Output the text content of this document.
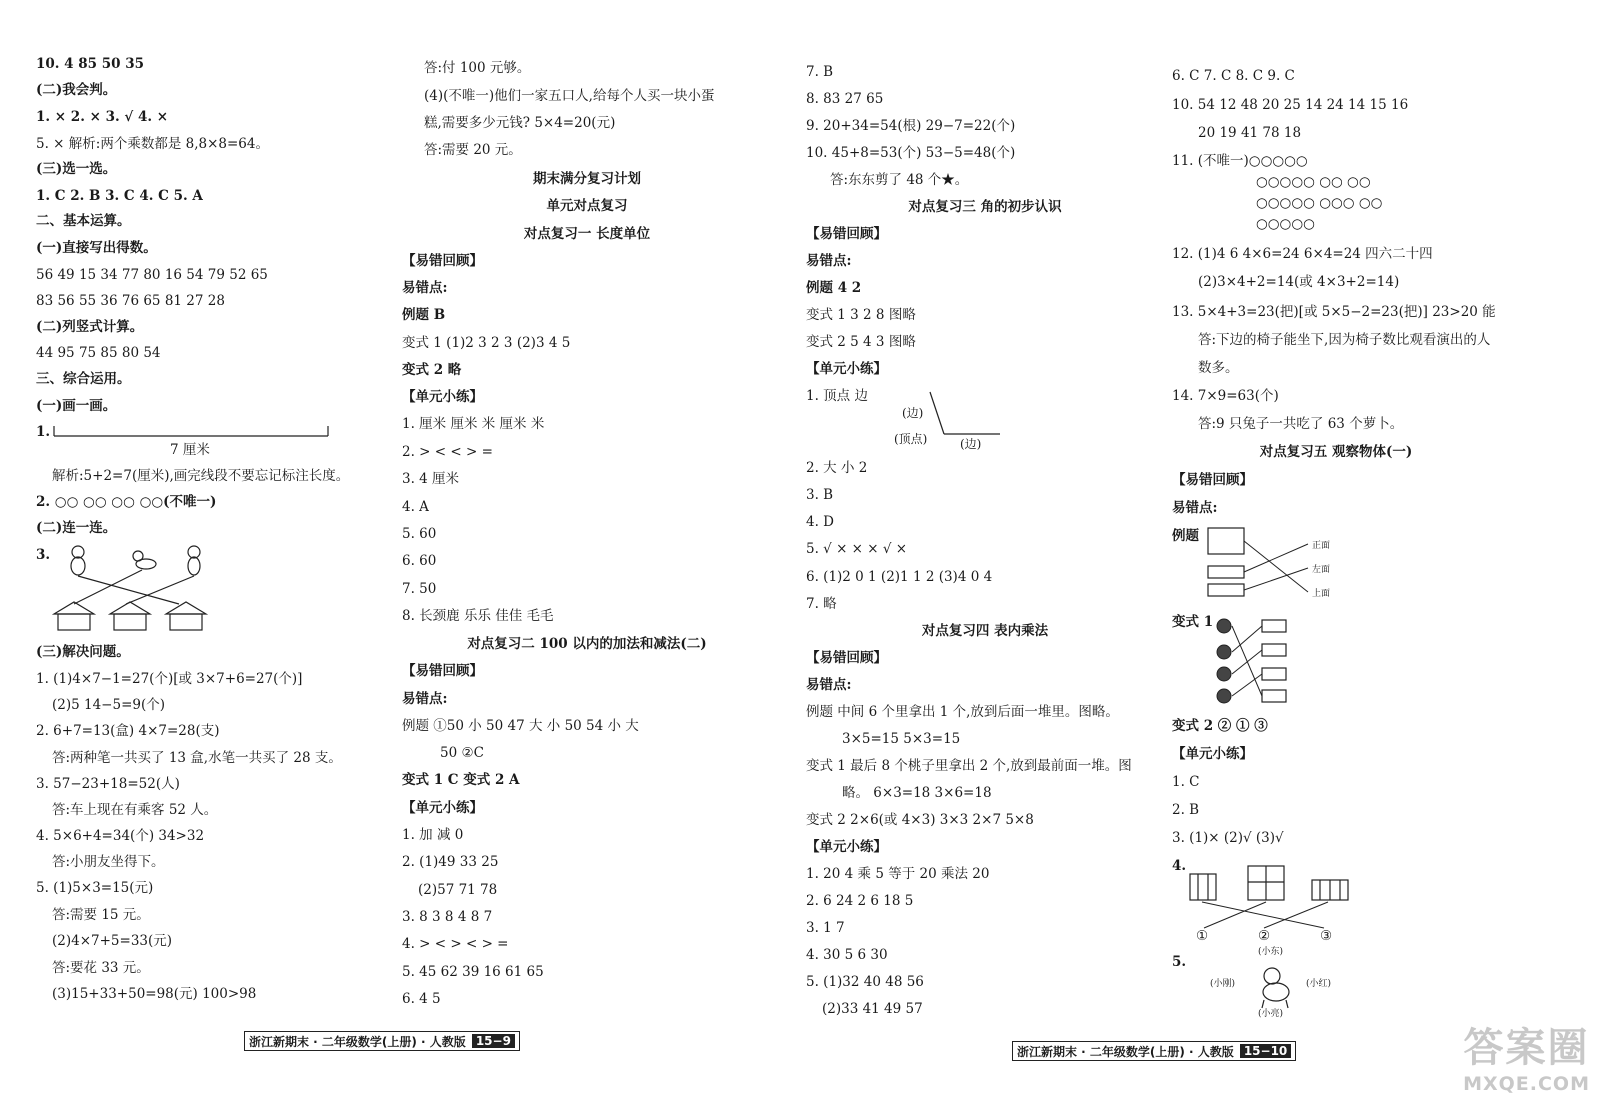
10. 4 85 50 35
(二)我会判。
1. × 2. × 3. √ 4. ×
5. × 解析:两个乘数都是 8,8×8=64。
(三)选一选。
1. C 2. B 3. C 4. C 5. A
二、基本运算。
(一)直接写出得数。
56 49 15 34 77 80 16 54 79 52 65
83 56 55 36 76 65 81 27 28
(二)列竖式计算。
44 95 75 85 80 54
三、综合运用。
(一)画一画。
1.
7 厘米
解析:5+2=7(厘米),画完线段不要忘记标注长度。
2. ○○ ○○ ○○ ○○(不唯一)
(二)连一连。
3.
(三)解决问题。
1. (1)4×7−1=27(个)[或 3×7+6=27(个)]
(2)5 14−5=9(个)
2. 6+7=13(盒) 4×7=28(支)
答:两种笔一共买了 13 盒,水笔一共买了 28 支。
3. 57−23+18=52(人)
答:车上现在有乘客 52 人。
4. 5×6+4=34(个) 34>32
答:小朋友坐得下。
5. (1)5×3=15(元)
答:需要 15 元。
(2)4×7+5=33(元)
答:要花 33 元。
(3)15+33+50=98(元) 100>98
答:付 100 元够。
(4)(不唯一)他们一家五口人,给每个人买一块小蛋
糕,需要多少元钱? 5×4=20(元)
答:需要 20 元。
期末满分复习计划
单元对点复习
对点复习一 长度单位
【易错回顾】
易错点:
例题 B
变式 1 (1)2 3 2 3 (2)3 4 5
变式 2 略
【单元小练】
1. 厘米 厘米 米 厘米 米
2. > < < > =
3. 4 厘米
4. A
5. 60
6. 60
7. 50
8. 长颈鹿 乐乐 佳佳 毛毛
对点复习二 100 以内的加法和减法(二)
【易错回顾】
易错点:
例题 ①50 小 50 47 大 小 50 54 小 大
50 ②C
变式 1 C 变式 2 A
【单元小练】
1. 加 减 0
2. (1)49 33 25
(2)57 71 78
3. 8 3 8 4 8 7
4. > < > < > =
5. 45 62 39 16 61 65
6. 4 5
7. B
8. 83 27 65
9. 20+34=54(根) 29−7=22(个)
10. 45+8=53(个) 53−5=48(个)
答:东东剪了 48 个★。
对点复习三 角的初步认识
【易错回顾】
易错点:
例题 4 2
变式 1 3 2 8 图略
变式 2 5 4 3 图略
【单元小练】
1. 顶点 边
(边)
(顶点)	(边)
2. 大 小 2
3. B
4. D
5. √ × × × √ ×
6. (1)2 0 1 (2)1 1 2 (3)4 0 4
7. 略
对点复习四 表内乘法
【易错回顾】
易错点:
例题 中间 6 个里拿出 1 个,放到后面一堆里。图略。
3×5=15 5×3=15
变式 1 最后 8 个桃子里拿出 2 个,放到最前面一堆。图
略。 6×3=18 3×6=18
变式 2 2×6(或 4×3) 3×3 2×7 5×8
【单元小练】
1. 20 4 乘 5 等于 20 乘法 20
2. 6 24 2 6 18 5
3. 1 7
4. 30 5 6 30
5. (1)32 40 48 56
(2)33 41 49 57
6. C 7. C 8. C 9. C
10. 54 12 48 20 25 14 24 14 15 16
20 19 41 78 18
11. (不唯一)○○○○○
○○○○○ ○○ ○○
○○○○○ ○○○ ○○
○○○○○
12. (1)4 6 4×6=24 6×4=24 四六二十四
(2)3×4+2=14(或 4×3+2=14)
13. 5×4+3=23(把)[或 5×5−2=23(把)] 23>20 能
答:下边的椅子能坐下,因为椅子数比观看演出的人
数多。
14. 7×9=63(个)
答:9 只兔子一共吃了 63 个萝卜。
对点复习五 观察物体(一)
【易错回顾】
易错点:
例题
正面
左面
上面
变式 1
变式 2 ② ① ③
【单元小练】
1. C
2. B
3. (1)× (2)√ (3)√
4.
①	②	③
5.
(小东)
(小刚)
(小亮)
(小红)
浙江新期末 · 二年级数学(上册) · 人教版 15−9
浙江新期末 · 二年级数学(上册) · 人教版 15−10	答案圈
MXQE.COM
